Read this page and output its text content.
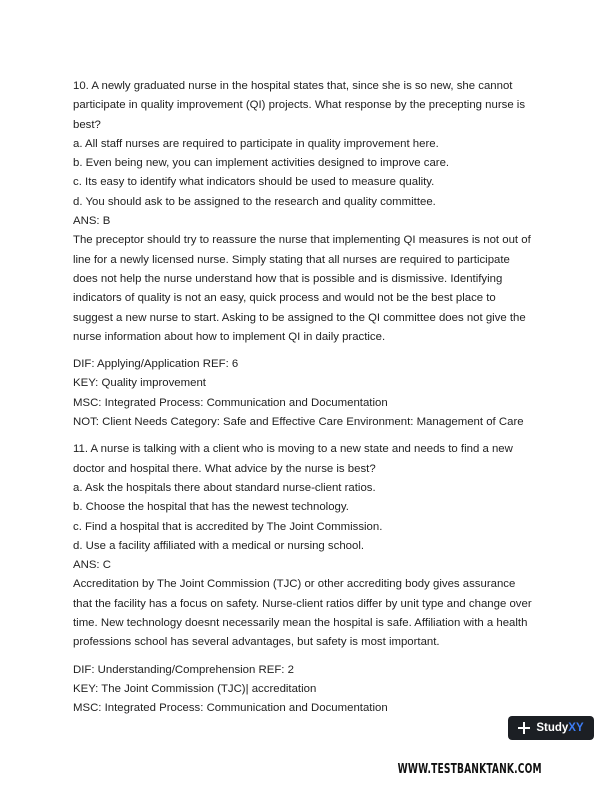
10. A newly graduated nurse in the hospital states that, since she is so new, she cannot
participate in quality improvement (QI) projects. What response by the precepting nurse is
best?
a. All staff nurses are required to participate in quality improvement here.
b. Even being new, you can implement activities designed to improve care.
c. Its easy to identify what indicators should be used to measure quality.
d. You should ask to be assigned to the research and quality committee.
ANS: B
The preceptor should try to reassure the nurse that implementing QI measures is not out of
line for a newly licensed nurse. Simply stating that all nurses are required to participate
does not help the nurse understand how that is possible and is dismissive. Identifying
indicators of quality is not an easy, quick process and would not be the best place to
suggest a new nurse to start. Asking to be assigned to the QI committee does not give the
nurse information about how to implement QI in daily practice.
DIF: Applying/Application REF: 6
KEY: Quality improvement
MSC: Integrated Process: Communication and Documentation
NOT: Client Needs Category: Safe and Effective Care Environment: Management of Care
11. A nurse is talking with a client who is moving to a new state and needs to find a new
doctor and hospital there. What advice by the nurse is best?
a. Ask the hospitals there about standard nurse-client ratios.
b. Choose the hospital that has the newest technology.
c. Find a hospital that is accredited by The Joint Commission.
d. Use a facility affiliated with a medical or nursing school.
ANS: C
Accreditation by The Joint Commission (TJC) or other accrediting body gives assurance
that the facility has a focus on safety. Nurse-client ratios differ by unit type and change over
time. New technology doesnt necessarily mean the hospital is safe. Affiliation with a health
professions school has several advantages, but safety is most important.
DIF: Understanding/Comprehension REF: 2
KEY: The Joint Commission (TJC)| accreditation
MSC: Integrated Process: Communication and Documentation
Study XY
WWW.TESTBANKTANK.COM
